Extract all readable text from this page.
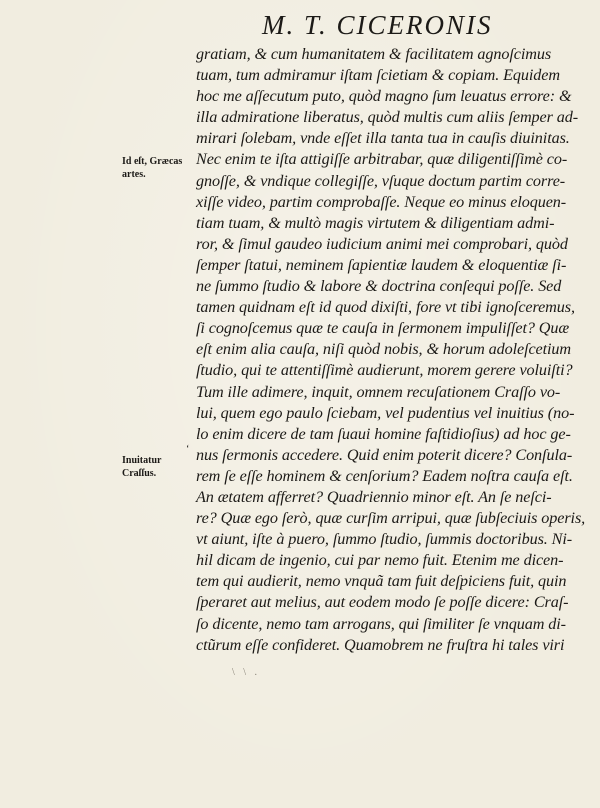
M. T. CICERONIS
Id eſt, Græcas
artes.
Inuitatur
Craſſus.
‘
gratiam, & cum humanitatem & facilitatem agnoſcimus
tuam, tum admiramur iſtam ſcietiam & copiam. Equidem
hoc me aſſecutum puto, quòd magno ſum leuatus errore: &
illa admiratione liberatus, quòd multis cum aliis ſemper ad-
mirari ſolebam, vnde eſſet illa tanta tua in cauſis diuinitas.
Nec enim te iſta attigiſſe arbitrabar, quæ diligentiſſimè co-
gnoſſe, & vndique collegiſſe, vſuque doctum partim corre-
xiſſe video, partim comprobaſſe. Neque eo minus eloquen-
tiam tuam, & multò magis virtutem & diligentiam admi-
ror, & ſimul gaudeo iudicium animi mei comprobari, quòd
ſemper ſtatui, neminem ſapientiæ laudem & eloquentiæ ſi-
ne ſummo ſtudio & labore & doctrina conſequi poſſe. Sed
tamen quidnam eſt id quod dixiſti, fore vt tibi ignoſceremus,
ſi cognoſcemus quæ te cauſa in ſermonem impuliſſet? Quæ
eſt enim alia cauſa, niſi quòd nobis, & horum adoleſcetium
ſtudio, qui te attentiſſimè audierunt, morem gerere voluiſti?
Tum ille adimere, inquit, omnem recuſationem Craſſo vo-
lui, quem ego paulo ſciebam, vel pudentius vel inuitius (no-
lo enim dicere de tam ſuaui homine faſtidioſius) ad hoc ge-
nus ſermonis accedere. Quid enim poterit dicere? Conſula-
rem ſe eſſe hominem & cenſorium? Eadem noſtra cauſa eſt.
An ætatem afferret? Quadriennio minor eſt. An ſe neſci-
re? Quæ ego ſerò, quæ curſim arripui, quæ ſubſeciuis operis,
vt aiunt, iſte à puero, ſummo ſtudio, ſummis doctoribus. Ni-
hil dicam de ingenio, cui par nemo fuit. Etenim me dicen-
tem qui audierit, nemo vnquã tam fuit deſpiciens fuit, quin
ſperaret aut melius, aut eodem modo ſe poſſe dicere: Craſ-
ſo dicente, nemo tam arrogans, qui ſimiliter ſe vnquam di-
ctũrum eſſe confideret. Quamobrem ne fruſtra hi tales viri
\ \ .
